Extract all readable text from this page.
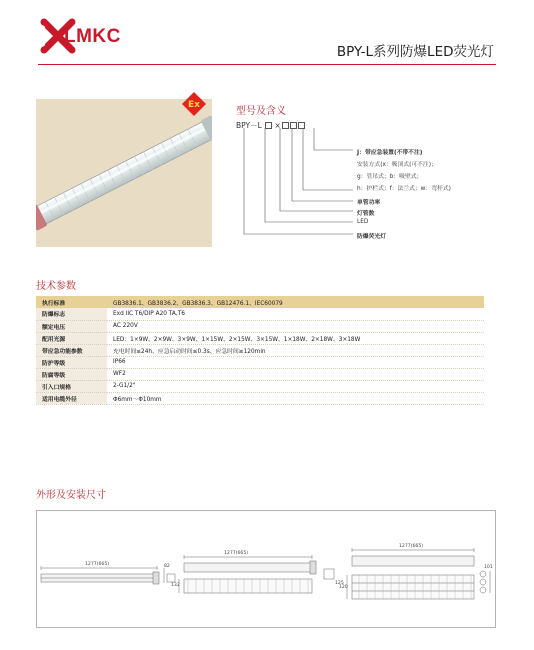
LMKC
BPY-L系列防爆LED荧光灯
Ex
型号及含义
BPY－L ×
J：带应急装置(不带不注)
安装方式(x：吸顶式(可不注)；
g：管吊式；b：吸壁式；
h：护栏式；f：法兰式；w：弯杆式)
单管功率
灯管数
LED
防爆荧光灯
技术参数
执行标准	GB3836.1、GB3836.2、GB3836.3、GB12476.1、IEC60079
防爆标志	Exd IIC T6/DIP A20 TA,T6
额定电压	AC 220V
配用光源	LED：1×9W、2×9W、3×9W、1×15W、2×15W、3×15W、1×18W、2×18W、3×18W
带应急功能参数	充电时间≤24h、应急启动时间≤0.3s、应急时间≥120min
防护等级	IP66
防腐等级	WF2
引入口规格	2-G1/2"
适用电缆外径	Φ6mm～Φ10mm
外形及安装尺寸
1277(665)
1277(665)
1277(665)
82
132	125
120
101
